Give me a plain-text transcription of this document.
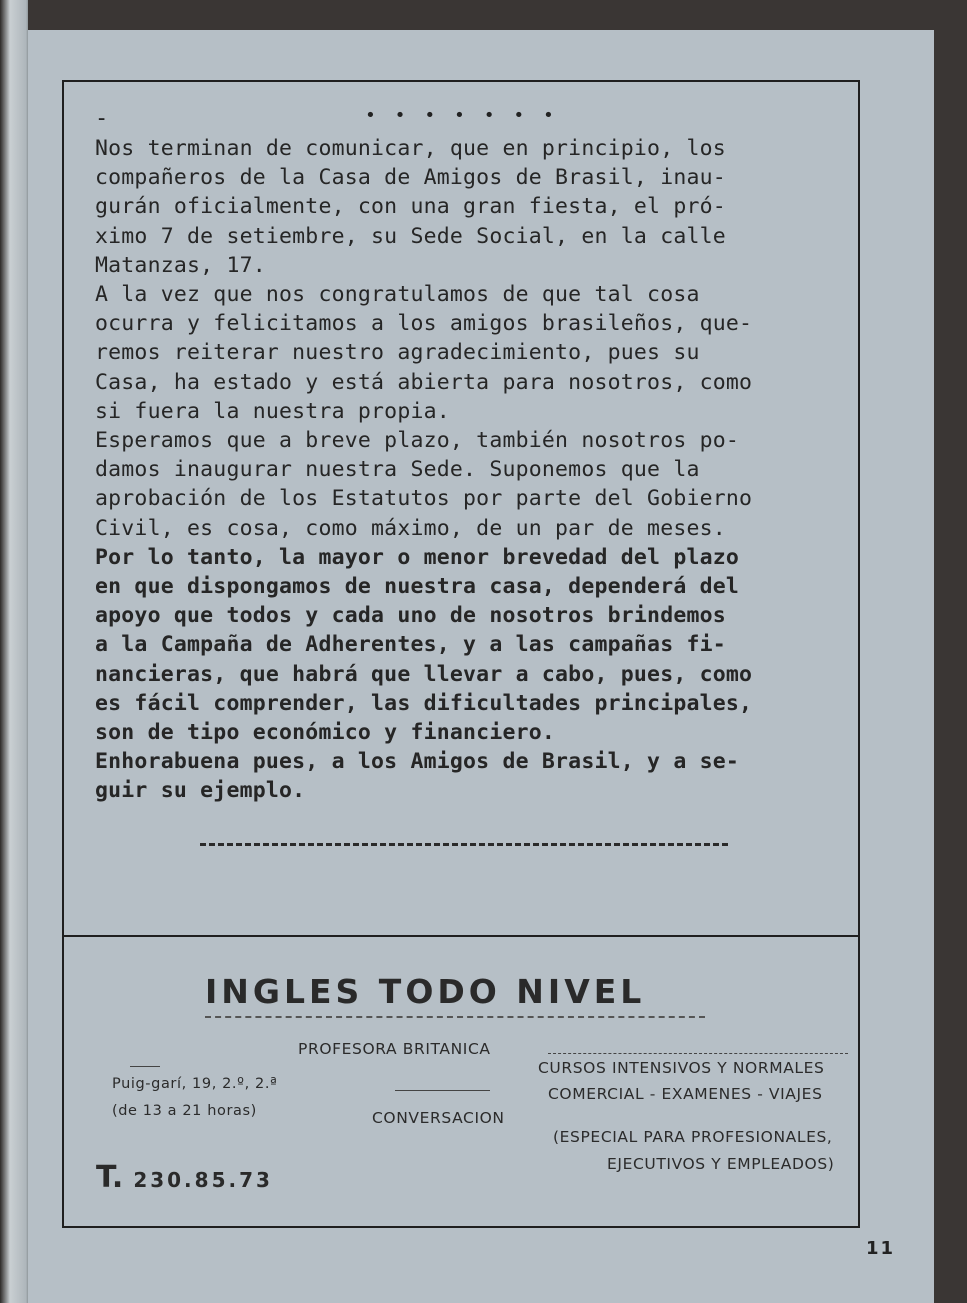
-	• • • • • • •
Nos terminan de comunicar, que en principio, los
compañeros de la Casa de Amigos de Brasil, inau-
gurán oficialmente, con una gran fiesta, el pró-
ximo 7 de setiembre, su Sede Social, en la calle
Matanzas, 17.
A la vez que nos congratulamos de que tal cosa
ocurra y felicitamos a los amigos brasileños, que-
remos reiterar nuestro agradecimiento, pues su
Casa, ha estado y está abierta para nosotros, como
si fuera la nuestra propia.
Esperamos que a breve plazo, también nosotros po-
damos inaugurar nuestra Sede. Suponemos que la
aprobación de los Estatutos por parte del Gobierno
Civil, es cosa, como máximo, de un par de meses.
Por lo tanto, la mayor o menor brevedad del plazo
en que dispongamos de nuestra casa, dependerá del
apoyo que todos y cada uno de nosotros brindemos
a la Campaña de Adherentes, y a las campañas fi-
nancieras, que habrá que llevar a cabo, pues, como
es fácil comprender, las dificultades principales,
son de tipo económico y financiero.
Enhorabuena pues, a los Amigos de Brasil, y a se-
guir su ejemplo.
INGLES TODO NIVEL
PROFESORA BRITANICA
Puig-garí, 19, 2.º, 2.ª
(de 13 a 21 horas)	CONVERSACION
CURSOS INTENSIVOS Y NORMALES
COMERCIAL - EXAMENES - VIAJES
(ESPECIAL PARA PROFESIONALES,
EJECUTIVOS Y EMPLEADOS)
T. 230.85.73
11
